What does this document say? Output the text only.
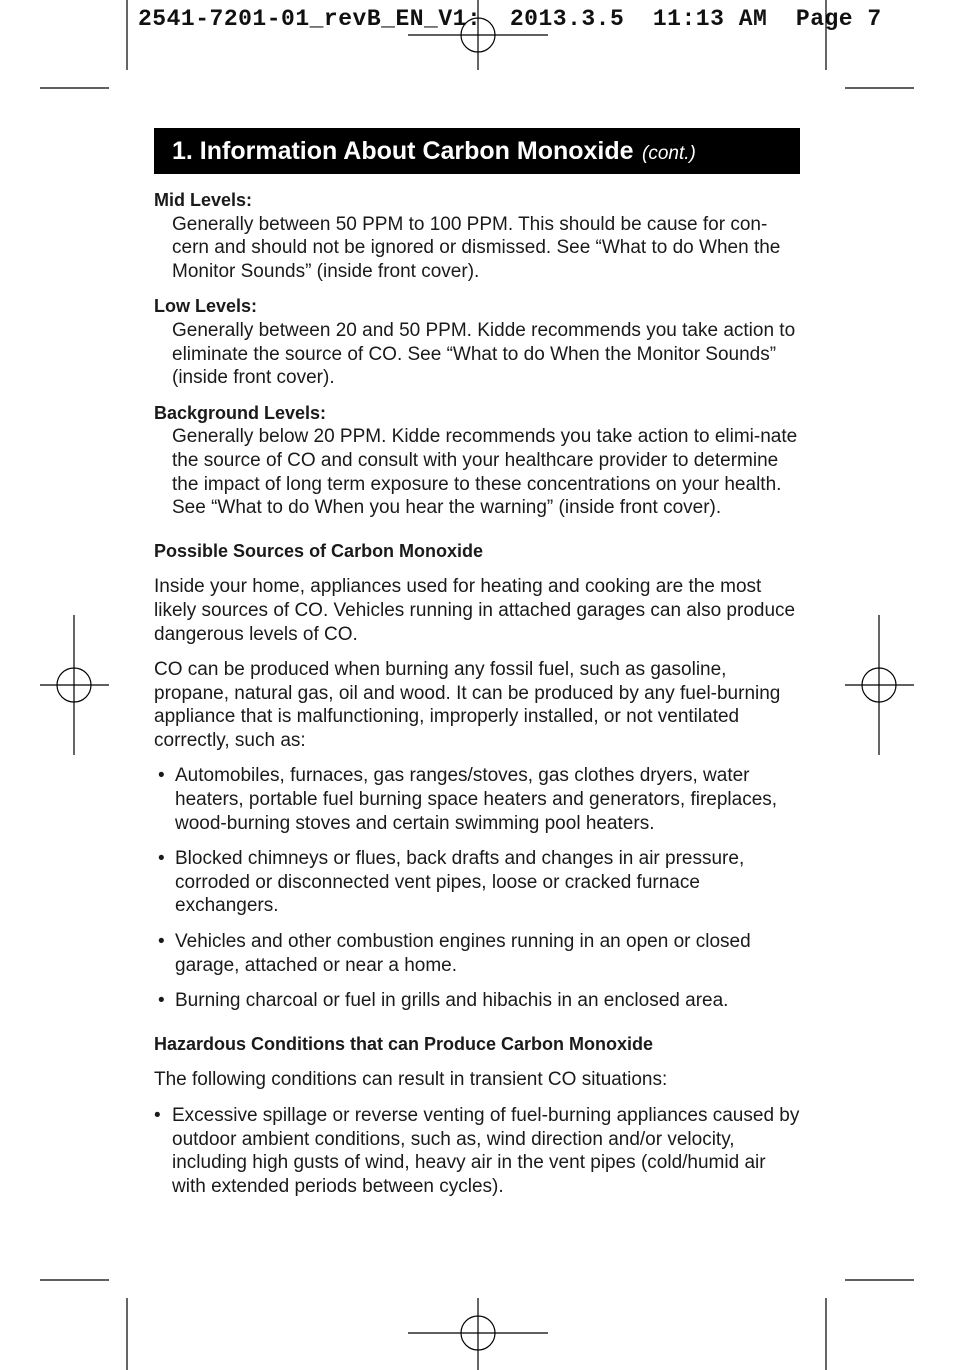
2541-7201-01_revB_EN_V1:  2013.3.5  11:13 AM  Page 7
1. Information About Carbon Monoxide (cont.)

Mid Levels:

Generally between 50 PPM to 100 PPM. This should be cause for con-cern and should not be ignored or dismissed. See “What to do When the Monitor Sounds” (inside front cover).

Low Levels:

Generally between 20 and 50 PPM. Kidde recommends you take action to eliminate the source of CO. See “What to do When the Monitor Sounds” (inside front cover).

Background Levels:

Generally below 20 PPM. Kidde recommends you take action to elimi-nate the source of CO and consult with your healthcare provider to determine the impact of long term exposure to these concentrations on your health. See “What to do When you hear the warning” (inside front cover).

Possible Sources of Carbon Monoxide

Inside your home, appliances used for heating and cooking are the most likely sources of CO. Vehicles running in attached garages can also produce dangerous levels of CO.

CO can be produced when burning any fossil fuel, such as gasoline, propane, natural gas, oil and wood. It can be produced by any fuel-burning appliance that is malfunctioning, improperly installed, or not ventilated correctly, such as:

• Automobiles, furnaces, gas ranges/stoves, gas clothes dryers, water heaters, portable fuel burning space heaters and generators, fireplaces, wood-burning stoves and certain swimming pool heaters.
• Blocked chimneys or flues, back drafts and changes in air pressure, corroded or disconnected vent pipes, loose or cracked furnace exchangers.
• Vehicles and other combustion engines running in an open or closed garage, attached or near a home.
• Burning charcoal or fuel in grills and hibachis in an enclosed area.
Hazardous Conditions that can Produce Carbon Monoxide

The following conditions can result in transient CO situations:

• Excessive spillage or reverse venting of fuel-burning appliances caused by outdoor ambient conditions, such as, wind direction and/or velocity, including high gusts of wind, heavy air in the vent pipes (cold/humid air with extended periods between cycles).
